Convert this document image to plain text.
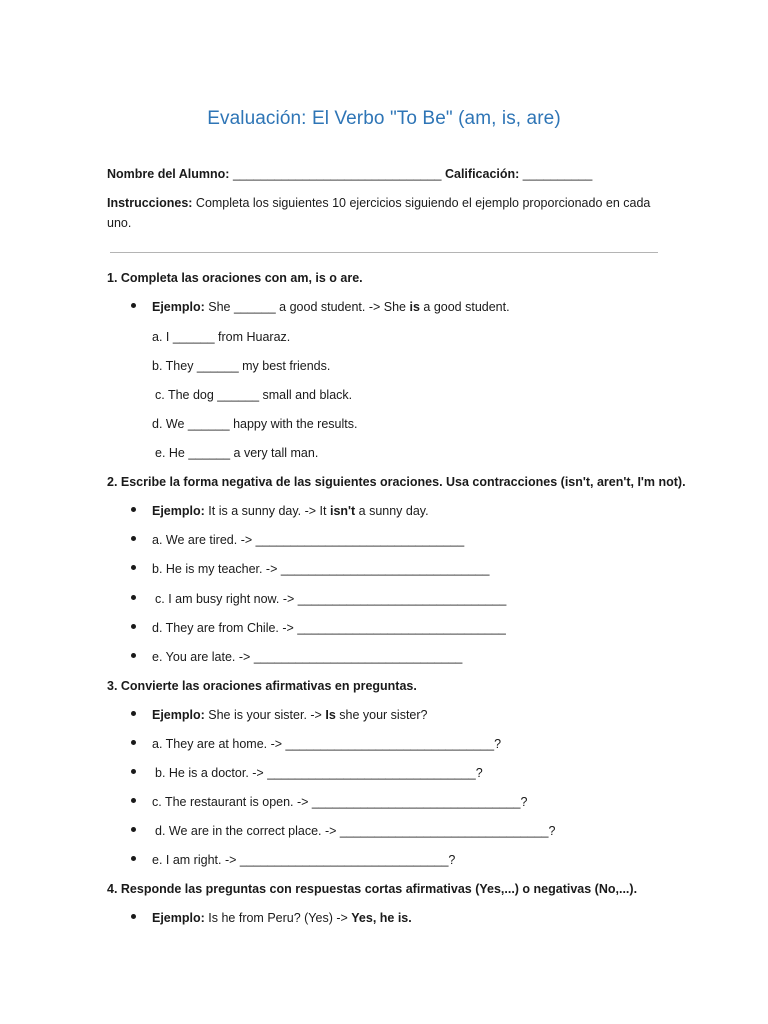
Evaluación: El Verbo "To Be" (am, is, are)
Nombre del Alumno: ______________________________ Calificación: __________
Instrucciones: Completa los siguientes 10 ejercicios siguiendo el ejemplo proporcionado en cada uno.
1. Completa las oraciones con am, is o are.
Ejemplo: She ______ a good student. -> She is a good student.
a. I ______ from Huaraz.
b. They ______ my best friends.
c. The dog ______ small and black.
d. We ______ happy with the results.
e. He ______ a very tall man.
2. Escribe la forma negativa de las siguientes oraciones. Usa contracciones (isn't, aren't, I'm not).
Ejemplo: It is a sunny day. -> It isn't a sunny day.
a. We are tired. -> ______________________________
b. He is my teacher. -> ______________________________
c. I am busy right now. -> ______________________________
d. They are from Chile. -> ______________________________
e. You are late. -> ______________________________
3. Convierte las oraciones afirmativas en preguntas.
Ejemplo: She is your sister. -> Is she your sister?
a. They are at home. -> ______________________________?
b. He is a doctor. -> ______________________________?
c. The restaurant is open. -> ______________________________?
d. We are in the correct place. -> ______________________________?
e. I am right. -> ______________________________?
4. Responde las preguntas con respuestas cortas afirmativas (Yes,...) o negativas (No,...).
Ejemplo: Is he from Peru? (Yes) -> Yes, he is.
